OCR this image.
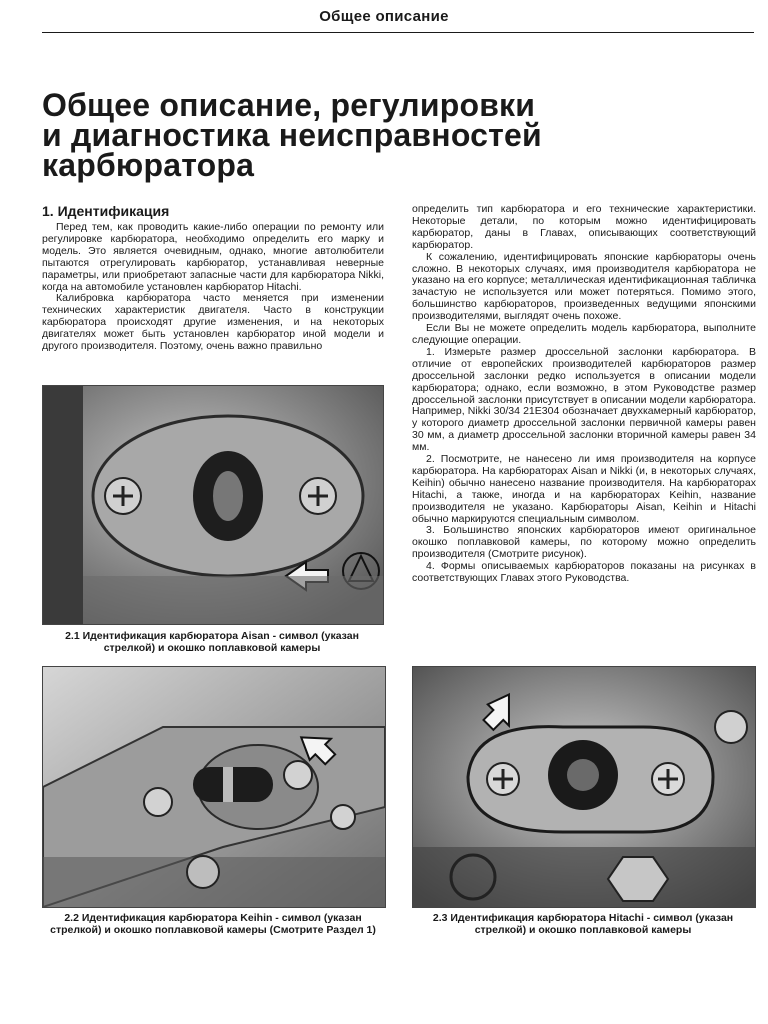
Общее описание
Общее описание, регулировки
и диагностика неисправностей
карбюратора
1. Идентификация

Перед тем, как проводить какие-либо операции по ремонту или регулировке карбюратора, необходимо определить его марку и модель. Это является очевидным, однако, многие автолюбители пытаются отрегулировать карбюратор, устанавливая неверные параметры, или приобретают запасные части для карбюратора Nikki, когда на автомобиле установлен карбюратор Hitachi.

Калибровка карбюратора часто меняется при изменении технических характеристик двигателя. Часто в конструкции карбюратора происходят другие изменения, и на некоторых двигателях может быть установлен карбюратор иной модели и другого производителя. Поэтому, очень важно правильно

определить тип карбюратора и его технические характеристики. Некоторые детали, по которым можно идентифицировать карбюратор, даны в Главах, описывающих соответствующий карбюратор.

К сожалению, идентифицировать японские карбюраторы очень сложно. В некоторых случаях, имя производителя карбюратора не указано на его корпусе; металлическая идентификационная табличка зачастую не используется или может потеряться. Помимо этого, большинство карбюраторов, произведенных ведущими японскими производителями, выглядят очень похоже.

Если Вы не можете определить модель карбюратора, выполните следующие операции.

1. Измерьте размер дроссельной заслонки карбюратора. В отличие от европейских производителей карбюраторов размер дроссельной заслонки редко используется в описании модели карбюратора; однако, если возможно, в этом Руководстве размер дроссельной заслонки присутствует в описании модели карбюратора. Например, Nikki 30/34 21E304 обозначает двухкамерный карбюратор, у которого диаметр дроссельной заслонки первичной камеры равен 30 мм, а диаметр дроссельной заслонки вторичной камеры равен 34 мм.

2. Посмотрите, не нанесено ли имя производителя на корпусе карбюратора. На карбюраторах Aisan и Nikki (и, в некоторых случаях, Keihin) обычно нанесено название производителя. На карбюраторах Hitachi, а также, иногда и на карбюраторах Keihin, название производителя не указано. Карбюраторы Aisan, Keihin и Hitachi обычно маркируются специальным символом.

3. Большинство японских карбюраторов имеют оригинальное окошко поплавковой камеры, по которому можно определить производителя (Смотрите рисунок).

4. Формы описываемых карбюраторов показаны на рисунках в соответствующих Главах этого Руководства.

2.1 Идентификация карбюратора Aisan - символ (указан стрелкой) и окошко поплавковой камеры
2.2 Идентификация карбюратора Keihin - символ (указан стрелкой) и окошко поплавковой камеры (Смотрите Раздел 1)
2.3 Идентификация карбюратора Hitachi - символ (указан стрелкой) и окошко поплавковой камеры
